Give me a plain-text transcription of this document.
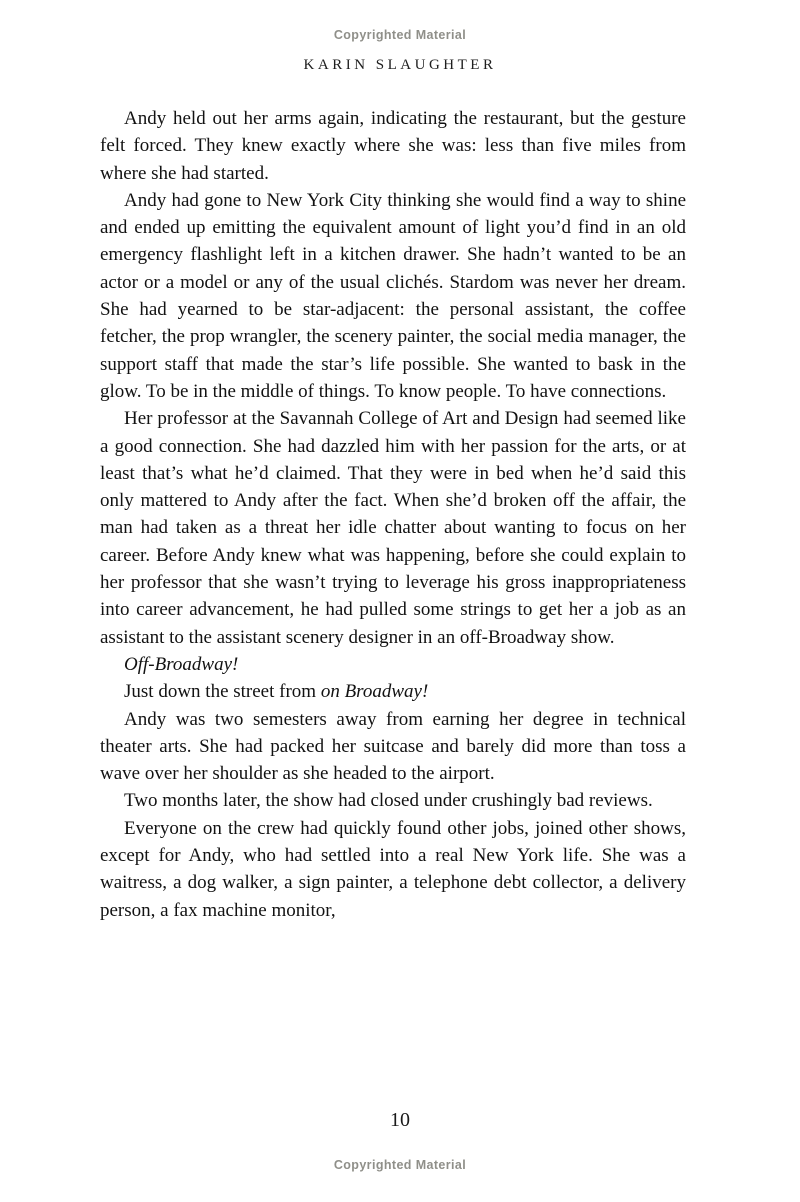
Copyrighted Material
KARIN SLAUGHTER

Andy held out her arms again, indicating the restaurant, but the gesture felt forced. They knew exactly where she was: less than five miles from where she had started.

Andy had gone to New York City thinking she would find a way to shine and ended up emitting the equivalent amount of light you’d find in an old emergency flashlight left in a kitchen drawer. She hadn’t wanted to be an actor or a model or any of the usual clichés. Stardom was never her dream. She had yearned to be star-adjacent: the personal assistant, the coffee fetcher, the prop wrangler, the scenery painter, the social media manager, the support staff that made the star’s life possible. She wanted to bask in the glow. To be in the middle of things. To know people. To have connections.

Her professor at the Savannah College of Art and Design had seemed like a good connection. She had dazzled him with her passion for the arts, or at least that’s what he’d claimed. That they were in bed when he’d said this only mattered to Andy after the fact. When she’d broken off the affair, the man had taken as a threat her idle chatter about wanting to focus on her career. Before Andy knew what was happening, before she could explain to her professor that she wasn’t trying to leverage his gross inappropriateness into career advancement, he had pulled some strings to get her a job as an assistant to the assistant scenery designer in an off-Broadway show.

Off-Broadway!

Just down the street from on Broadway!

Andy was two semesters away from earning her degree in technical theater arts. She had packed her suitcase and barely did more than toss a wave over her shoulder as she headed to the airport.

Two months later, the show had closed under crushingly bad reviews.

Everyone on the crew had quickly found other jobs, joined other shows, except for Andy, who had settled into a real New York life. She was a waitress, a dog walker, a sign painter, a telephone debt collector, a delivery person, a fax machine monitor,

10
Copyrighted Material
